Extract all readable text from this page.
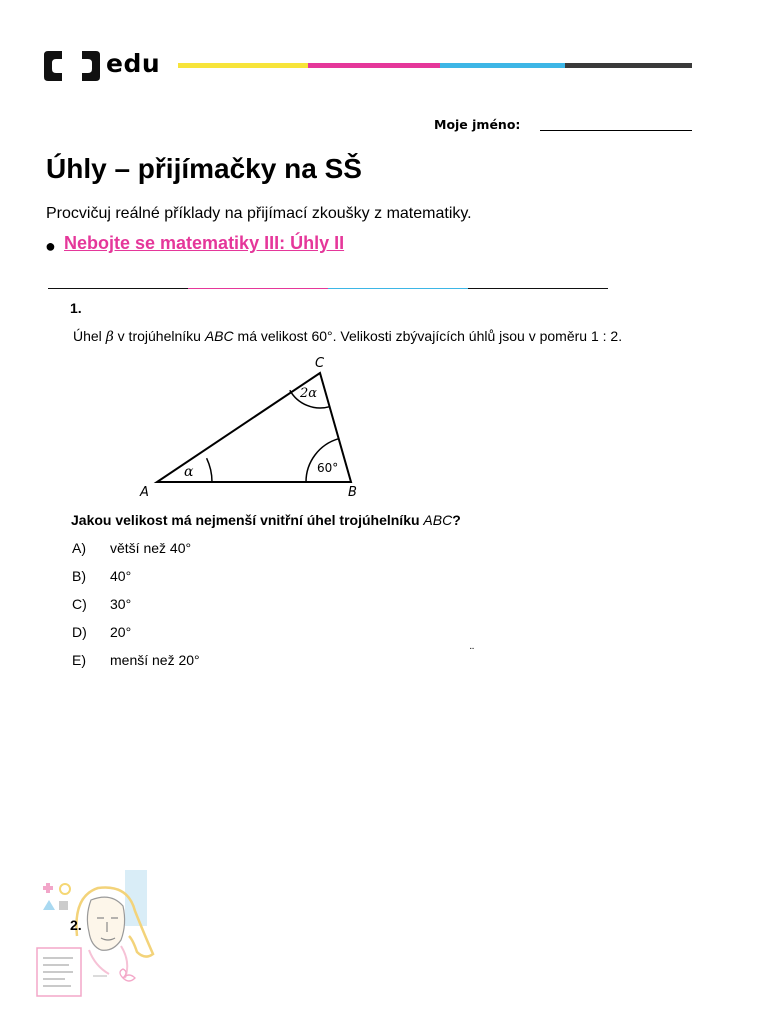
edu
Moje jméno:
Úhly – přijímačky na SŠ
Procvičuj reálné příklady na přijímací zkoušky z matematiky.
● Nebojte se matematiky III: Úhly II
1.
Úhel β v trojúhelníku ABC má velikost 60°. Velikosti zbývajících úhlů jsou v poměru 1 : 2.
A	B
C
α	60°
2α
Jakou velikost má nejmenší vnitřní úhel trojúhelníku ABC?
A) větší než 40°
B) 40°
C) 30°
D) 20°
E) menší než 20°	¨
2.
